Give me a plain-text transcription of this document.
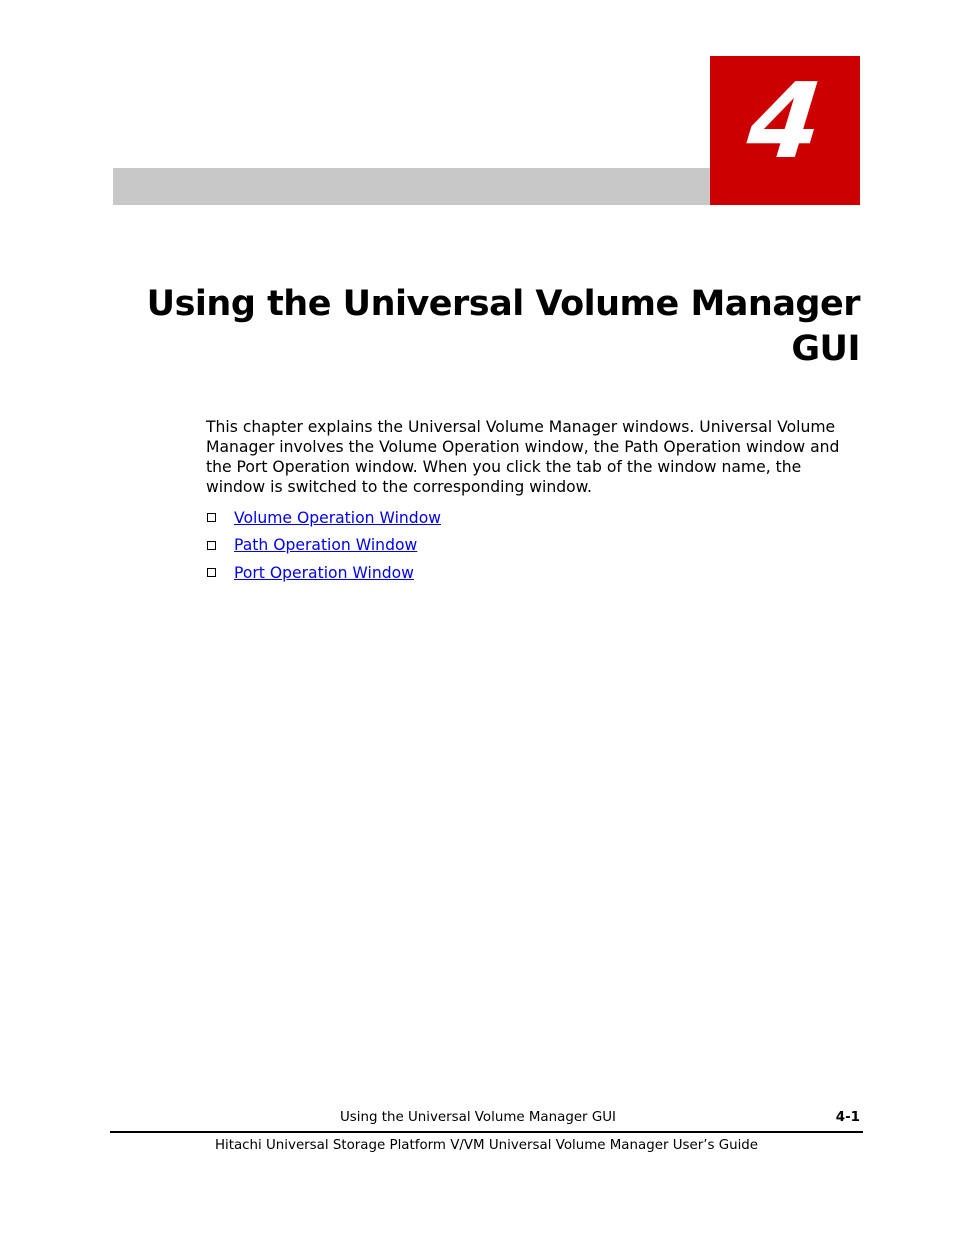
4
Using the Universal Volume Manager GUI

This chapter explains the Universal Volume Manager windows. Universal Volume Manager involves the Volume Operation window, the Path Operation window and the Port Operation window. When you click the tab of the window name, the window is switched to the corresponding window.

Volume Operation Window
Path Operation Window
Port Operation Window
Using the Universal Volume Manager GUI	4-1
Hitachi Universal Storage Platform V/VM Universal Volume Manager User’s Guide
